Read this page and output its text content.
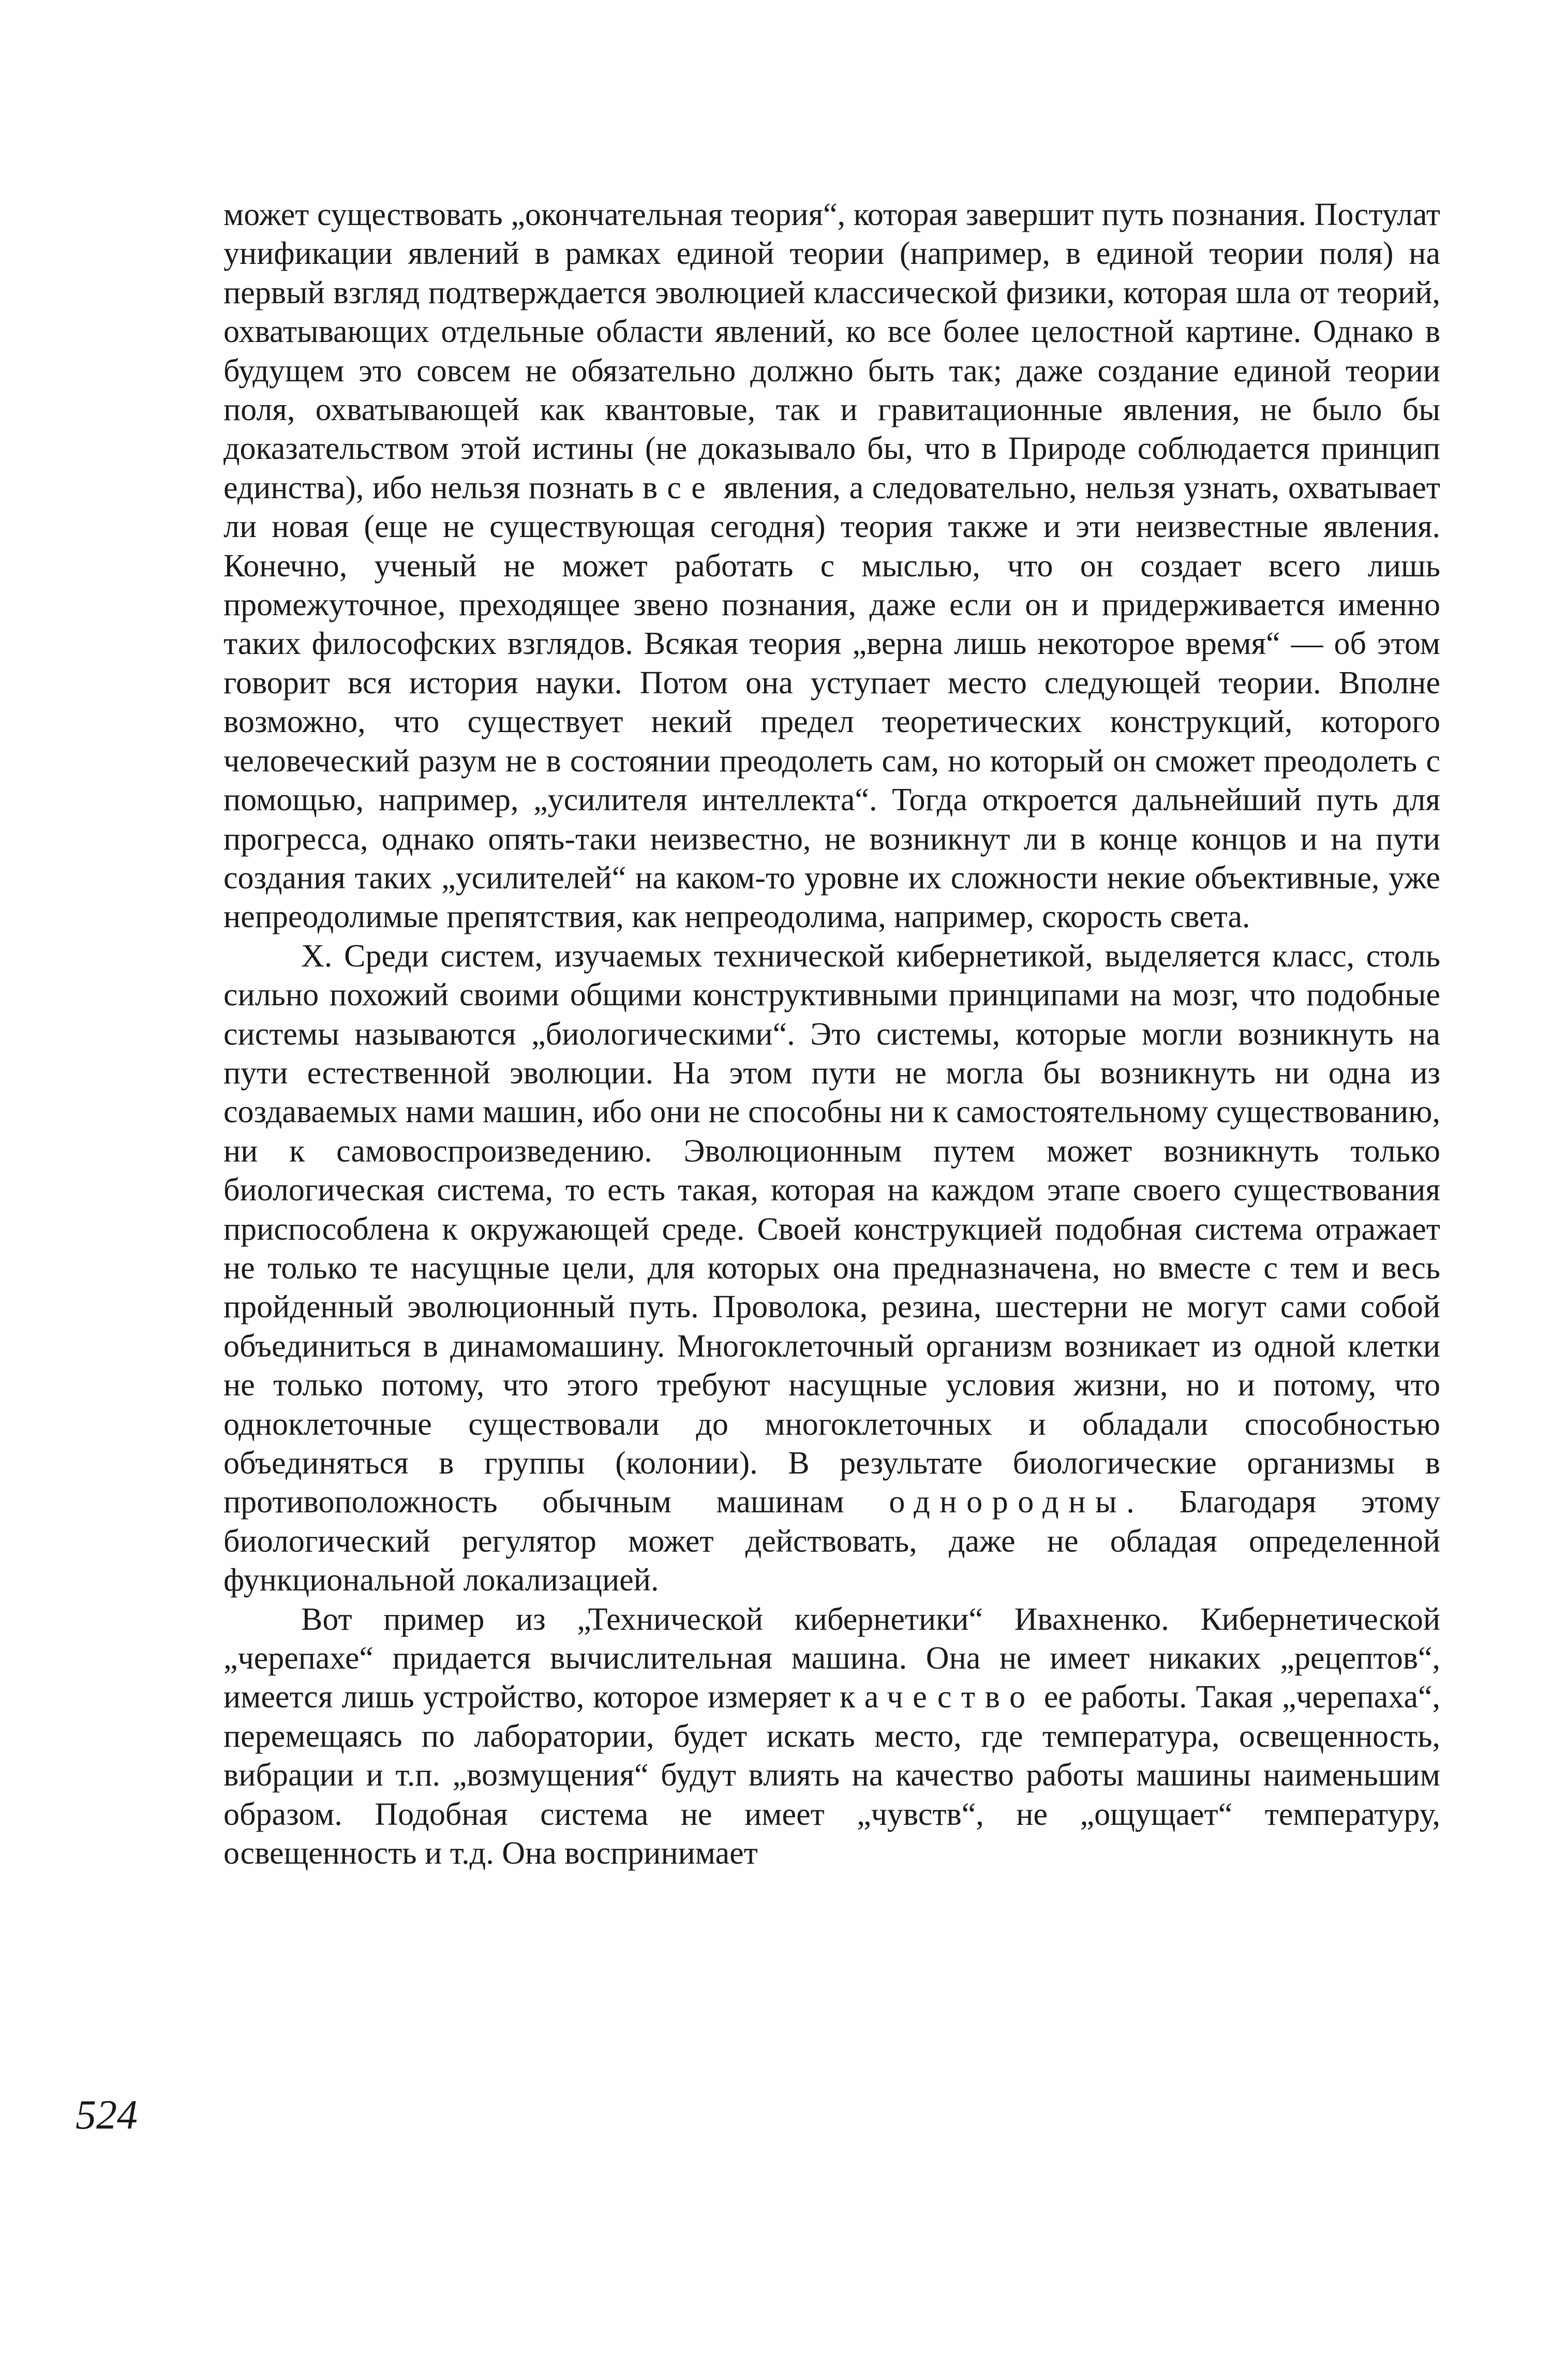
может существовать „окончательная теория“, которая завершит путь познания. Постулат унификации явлений в рамках единой теории (например, в единой теории поля) на первый взгляд подтверждается эволюцией классической физики, которая шла от теорий, охватывающих отдельные области явлений, ко все более целостной картине. Однако в будущем это совсем не обязательно должно быть так; даже создание единой теории поля, охватывающей как квантовые, так и гравитационные явления, не было бы доказательством этой истины (не доказывало бы, что в Природе соблюдается принцип единства), ибо нельзя познать все явления, а следовательно, нельзя узнать, охватывает ли новая (еще не существующая сегодня) теория также и эти неизвестные явления. Конечно, ученый не может работать с мыслью, что он создает всего лишь промежуточное, преходящее звено познания, даже если он и придерживается именно таких философских взглядов. Всякая теория „верна лишь некоторое время“ — об этом говорит вся история науки. Потом она уступает место следующей теории. Вполне возможно, что существует некий предел теоретических конструкций, которого человеческий разум не в состоянии преодолеть сам, но который он сможет преодолеть с помощью, например, „усилителя интеллекта“. Тогда откроется дальнейший путь для прогресса, однако опять-таки неизвестно, не возникнут ли в конце концов и на пути создания таких „усилителей“ на каком-то уровне их сложности некие объективные, уже непреодолимые препятствия, как непреодолима, например, скорость света.

X. Среди систем, изучаемых технической кибернетикой, выделяется класс, столь сильно похожий своими общими конструктивными принципами на мозг, что подобные системы называются „биологическими“. Это системы, которые могли возникнуть на пути естественной эволюции. На этом пути не могла бы возникнуть ни одна из создаваемых нами машин, ибо они не способны ни к самостоятельному существованию, ни к самовоспроизведению. Эволюционным путем может возникнуть только биологическая система, то есть такая, которая на каждом этапе своего существования приспособлена к окружающей среде. Своей конструкцией подобная система отражает не только те насущные цели, для которых она предназначена, но вместе с тем и весь пройденный эволюционный путь. Проволока, резина, шестерни не могут сами собой объединиться в динамомашину. Многоклеточный организм возникает из одной клетки не только потому, что этого требуют насущные условия жизни, но и потому, что одноклеточные существовали до многоклеточных и обладали способностью объединяться в группы (колонии). В результате биологические организмы в противоположность обычным машинам однородны. Благодаря этому биологический регулятор может действовать, даже не обладая определенной функциональной локализацией.

Вот пример из „Технической кибернетики“ Ивахненко. Кибернетической „черепахе“ придается вычислительная машина. Она не имеет никаких „рецептов“, имеется лишь устройство, которое измеряет качество ее работы. Такая „черепаха“, перемещаясь по лаборатории, будет искать место, где температура, освещенность, вибрации и т.п. „возмущения“ будут влиять на качество работы машины наименьшим образом. Подобная система не имеет „чувств“, не „ощущает“ температуру, освещенность и т.д. Она воспринимает

524
